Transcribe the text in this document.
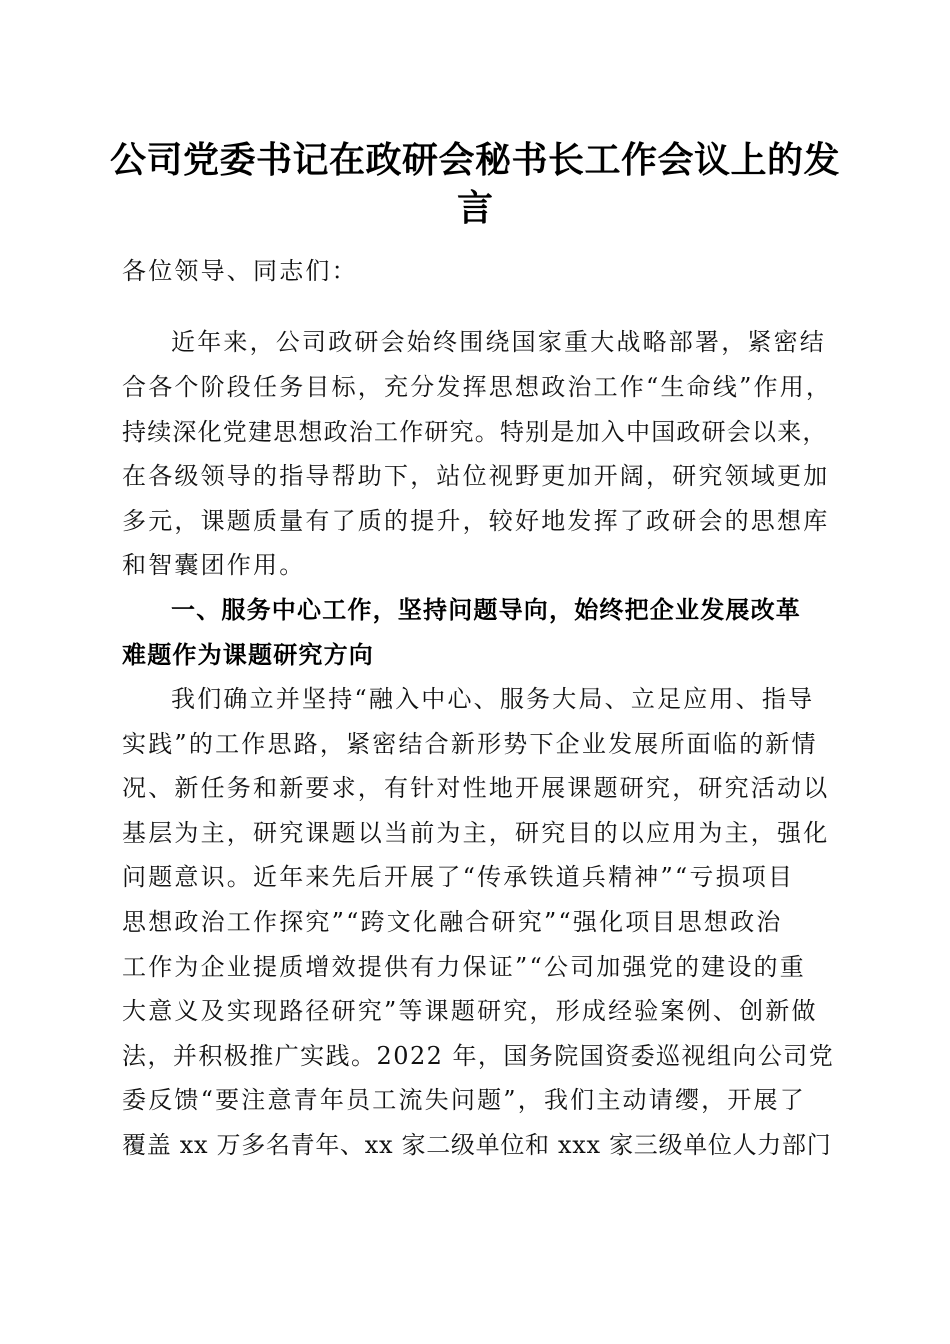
公司党委书记在政研会秘书长工作会议上的发
言

各位领导、同志们：

近年来，公司政研会始终围绕国家重大战略部署，紧密结

合各个阶段任务目标，充分发挥思想政治工作“生命线”作用，

持续深化党建思想政治工作研究。特别是加入中国政研会以来，

在各级领导的指导帮助下，站位视野更加开阔，研究领域更加

多元，课题质量有了质的提升，较好地发挥了政研会的思想库

和智囊团作用。

一、服务中心工作，坚持问题导向，始终把企业发展改革

难题作为课题研究方向

我们确立并坚持“融入中心、服务大局、立足应用、指导

实践”的工作思路，紧密结合新形势下企业发展所面临的新情

况、新任务和新要求，有针对性地开展课题研究，研究活动以

基层为主，研究课题以当前为主，研究目的以应用为主，强化

问题意识。近年来先后开展了“传承铁道兵精神”“亏损项目

思想政治工作探究”“跨文化融合研究”“强化项目思想政治

工作为企业提质增效提供有力保证”“公司加强党的建设的重

大意义及实现路径研究”等课题研究，形成经验案例、创新做

法，并积极推广实践。2022 年，国务院国资委巡视组向公司党

委反馈“要注意青年员工流失问题”，我们主动请缨，开展了

覆盖 xx 万多名青年、xx 家二级单位和 xxx 家三级单位人力部门
